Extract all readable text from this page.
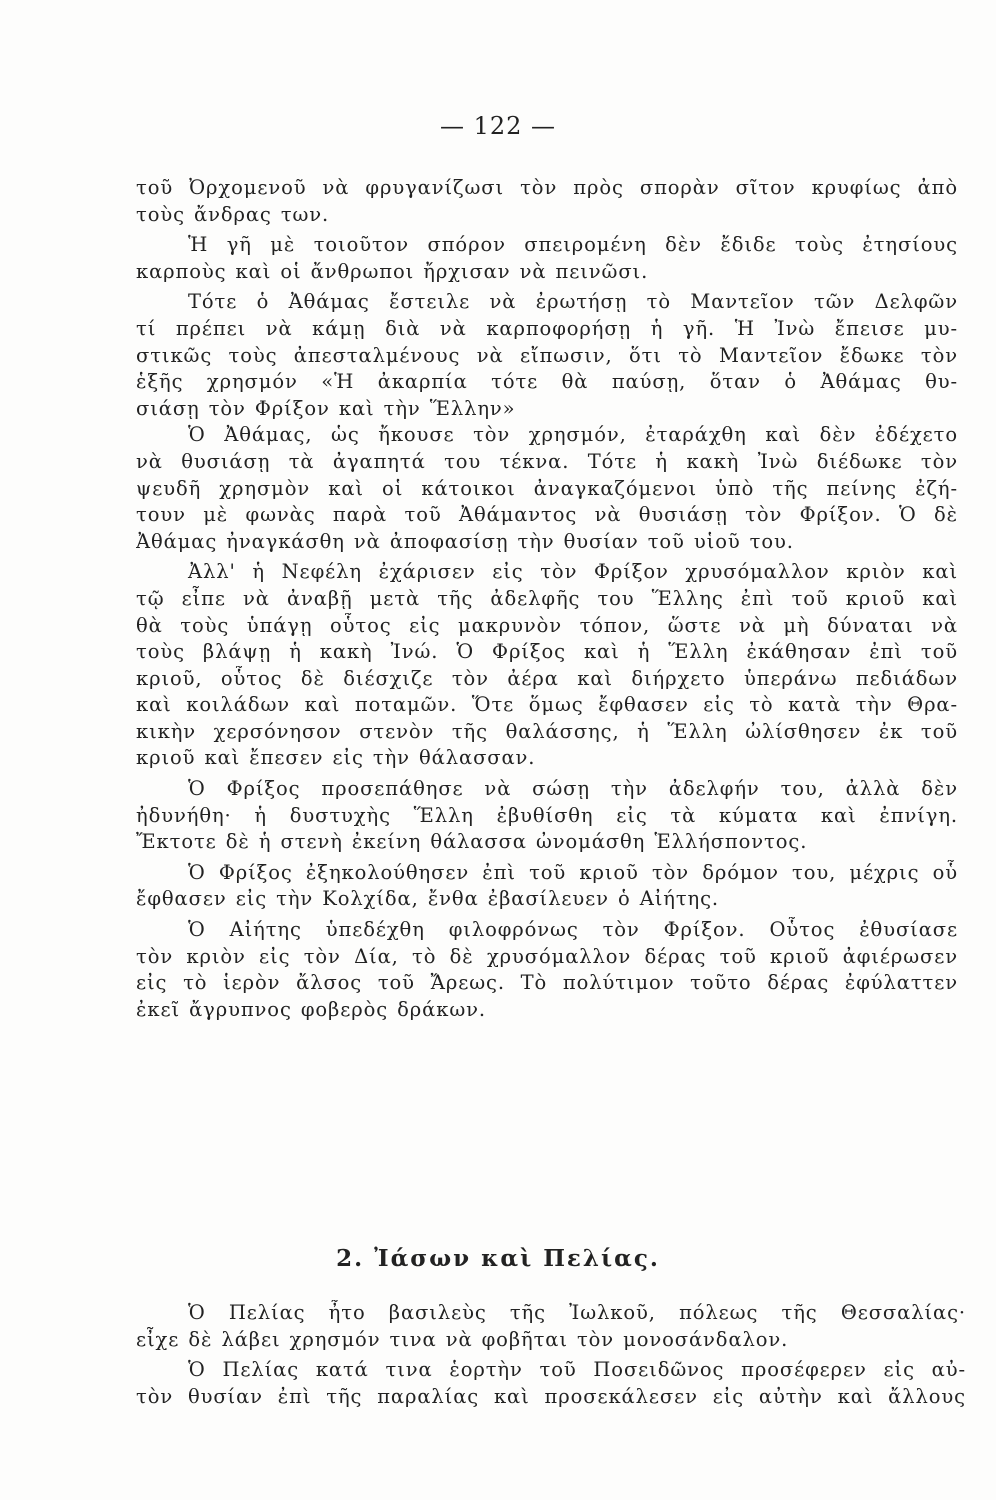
— 122 —
τοῦ Ὀρχομενοῦ νὰ φρυγανίζωσι τὸν πρὸς σπορὰν σῖτον κρυφίως ἀπὸ
τοὺς ἄνδρας των.
Ἡ γῆ μὲ τοιοῦτον σπόρον σπειρομένη δὲν ἔδιδε τοὺς ἐτησίους
καρποὺς καὶ οἱ ἄνθρωποι ἤρχισαν νὰ πεινῶσι.
Τότε ὁ Ἀθάμας ἔστειλε νὰ ἐρωτήσῃ τὸ Μαντεῖον τῶν Δελφῶν
τί πρέπει νὰ κάμῃ διὰ νὰ καρποφορήσῃ ἡ γῆ. Ἡ Ἰνὼ ἔπεισε μυ-
στικῶς τοὺς ἀπεσταλμένους νὰ εἴπωσιν, ὅτι τὸ Μαντεῖον ἔδωκε τὸν
ἑξῆς χρησμόν «Ἡ ἀκαρπία τότε θὰ παύσῃ, ὅταν ὁ Ἀθάμας θυ-
σιάσῃ τὸν Φρίξον καὶ τὴν Ἕλλην»
Ὁ Ἀθάμας, ὡς ἤκουσε τὸν χρησμόν, ἐταράχθη καὶ δὲν ἐδέχετο
νὰ θυσιάσῃ τὰ ἀγαπητά του τέκνα. Τότε ἡ κακὴ Ἰνὼ διέδωκε τὸν
ψευδῆ χρησμὸν καὶ οἱ κάτοικοι ἀναγκαζόμενοι ὑπὸ τῆς πείνης ἐζή-
τουν μὲ φωνὰς παρὰ τοῦ Ἀθάμαντος νὰ θυσιάσῃ τὸν Φρίξον. Ὁ δὲ
Ἀθάμας ἠναγκάσθη νὰ ἀποφασίσῃ τὴν θυσίαν τοῦ υἱοῦ του.
Ἀλλ' ἡ Νεφέλη ἐχάρισεν εἰς τὸν Φρίξον χρυσόμαλλον κριὸν καὶ
τῷ εἶπε νὰ ἀναβῇ μετὰ τῆς ἀδελφῆς του Ἕλλης ἐπὶ τοῦ κριοῦ καὶ
θὰ τοὺς ὑπάγῃ οὗτος εἰς μακρυνὸν τόπον, ὥστε νὰ μὴ δύναται νὰ
τοὺς βλάψῃ ἡ κακὴ Ἰνώ. Ὁ Φρίξος καὶ ἡ Ἕλλη ἐκάθησαν ἐπὶ τοῦ
κριοῦ, οὗτος δὲ διέσχιζε τὸν ἀέρα καὶ διήρχετο ὑπεράνω πεδιάδων
καὶ κοιλάδων καὶ ποταμῶν. Ὅτε ὅμως ἔφθασεν εἰς τὸ κατὰ τὴν Θρα-
κικὴν χερσόνησον στενὸν τῆς θαλάσσης, ἡ Ἕλλη ὠλίσθησεν ἐκ τοῦ
κριοῦ καὶ ἔπεσεν εἰς τὴν θάλασσαν.
Ὁ Φρίξος προσεπάθησε νὰ σώσῃ τὴν ἀδελφήν του, ἀλλὰ δὲν
ἠδυνήθη· ἡ δυστυχὴς Ἕλλη ἐβυθίσθη εἰς τὰ κύματα καὶ ἐπνίγη.
Ἔκτοτε δὲ ἡ στενὴ ἐκείνη θάλασσα ὠνομάσθη Ἑλλήσποντος.
Ὁ Φρίξος ἐξηκολούθησεν ἐπὶ τοῦ κριοῦ τὸν δρόμον του, μέχρις οὗ
ἔφθασεν εἰς τὴν Κολχίδα, ἔνθα ἐβασίλευεν ὁ Αἰήτης.
Ὁ Αἰήτης ὑπεδέχθη φιλοφρόνως τὸν Φρίξον. Οὗτος ἐθυσίασε
τὸν κριὸν εἰς τὸν Δία, τὸ δὲ χρυσόμαλλον δέρας τοῦ κριοῦ ἀφιέρωσεν
εἰς τὸ ἱερὸν ἄλσος τοῦ Ἄρεως. Τὸ πολύτιμον τοῦτο δέρας ἐφύλαττεν
ἐκεῖ ἄγρυπνος φοβερὸς δράκων.
2. Ἰάσων καὶ Πελίας.
Ὁ Πελίας ἦτο βασιλεὺς τῆς Ἰωλκοῦ, πόλεως τῆς Θεσσαλίας·
εἶχε δὲ λάβει χρησμόν τινα νὰ φοβῆται τὸν μονοσάνδαλον.
Ὁ Πελίας κατά τινα ἑορτὴν τοῦ Ποσειδῶνος προσέφερεν εἰς αὐ-
τὸν θυσίαν ἐπὶ τῆς παραλίας καὶ προσεκάλεσεν εἰς αὐτὴν καὶ ἄλλους
